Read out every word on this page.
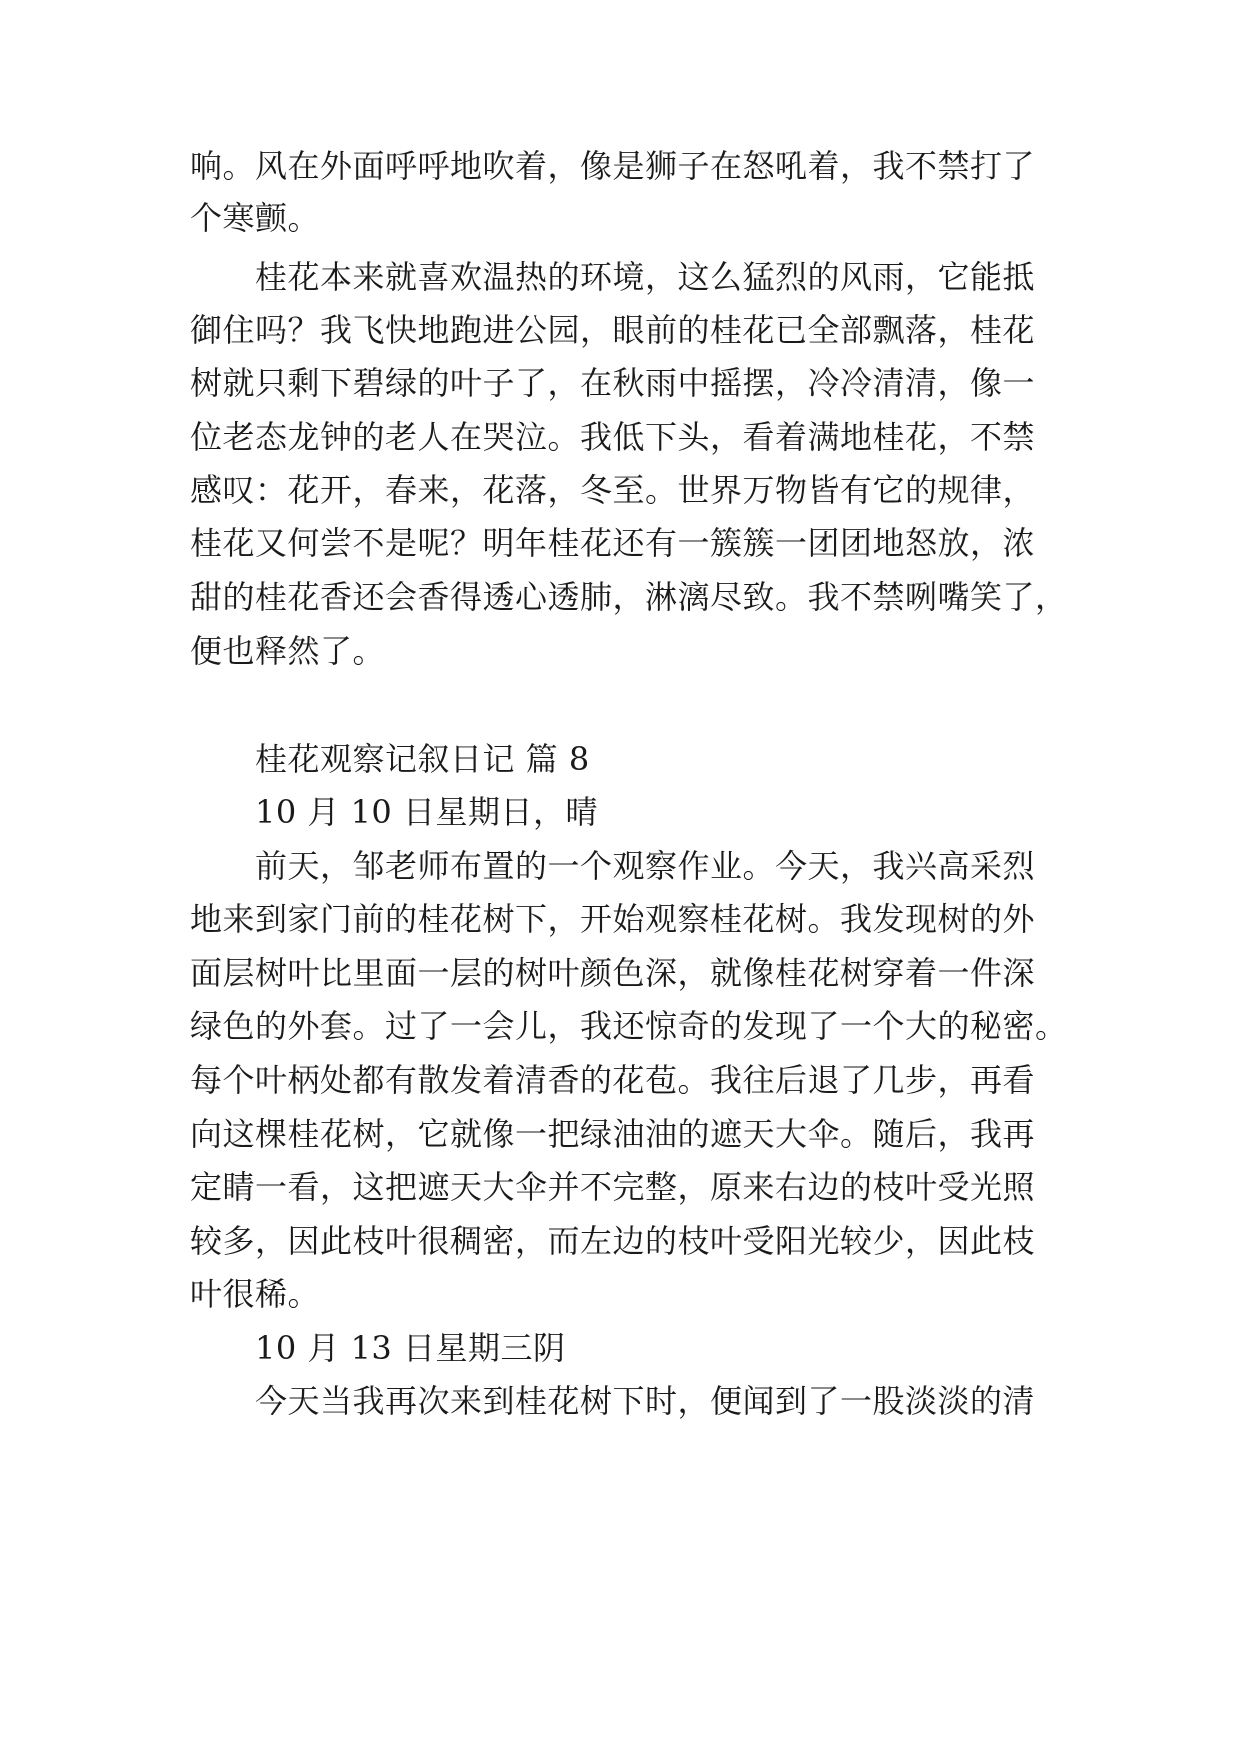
响。风在外面呼呼地吹着，像是狮子在怒吼着，我不禁打了
个寒颤。
桂花本来就喜欢温热的环境，这么猛烈的风雨，它能抵
御住吗？我飞快地跑进公园，眼前的桂花已全部飘落，桂花
树就只剩下碧绿的叶子了，在秋雨中摇摆，冷冷清清，像一
位老态龙钟的老人在哭泣。我低下头，看着满地桂花，不禁
感叹：花开，春来，花落，冬至。世界万物皆有它的规律，
桂花又何尝不是呢？明年桂花还有一簇簇一团团地怒放，浓
甜的桂花香还会香得透心透肺，淋漓尽致。我不禁咧嘴笑了，
便也释然了。
桂花观察记叙日记 篇 8
10 月 10 日星期日，晴
前天，邹老师布置的一个观察作业。今天，我兴高采烈
地来到家门前的桂花树下，开始观察桂花树。我发现树的外
面层树叶比里面一层的树叶颜色深，就像桂花树穿着一件深
绿色的外套。过了一会儿，我还惊奇的发现了一个大的秘密。
每个叶柄处都有散发着清香的花苞。我往后退了几步，再看
向这棵桂花树，它就像一把绿油油的遮天大伞。随后，我再
定睛一看，这把遮天大伞并不完整，原来右边的枝叶受光照
较多，因此枝叶很稠密，而左边的枝叶受阳光较少，因此枝
叶很稀。
10 月 13 日星期三阴
今天当我再次来到桂花树下时，便闻到了一股淡淡的清
